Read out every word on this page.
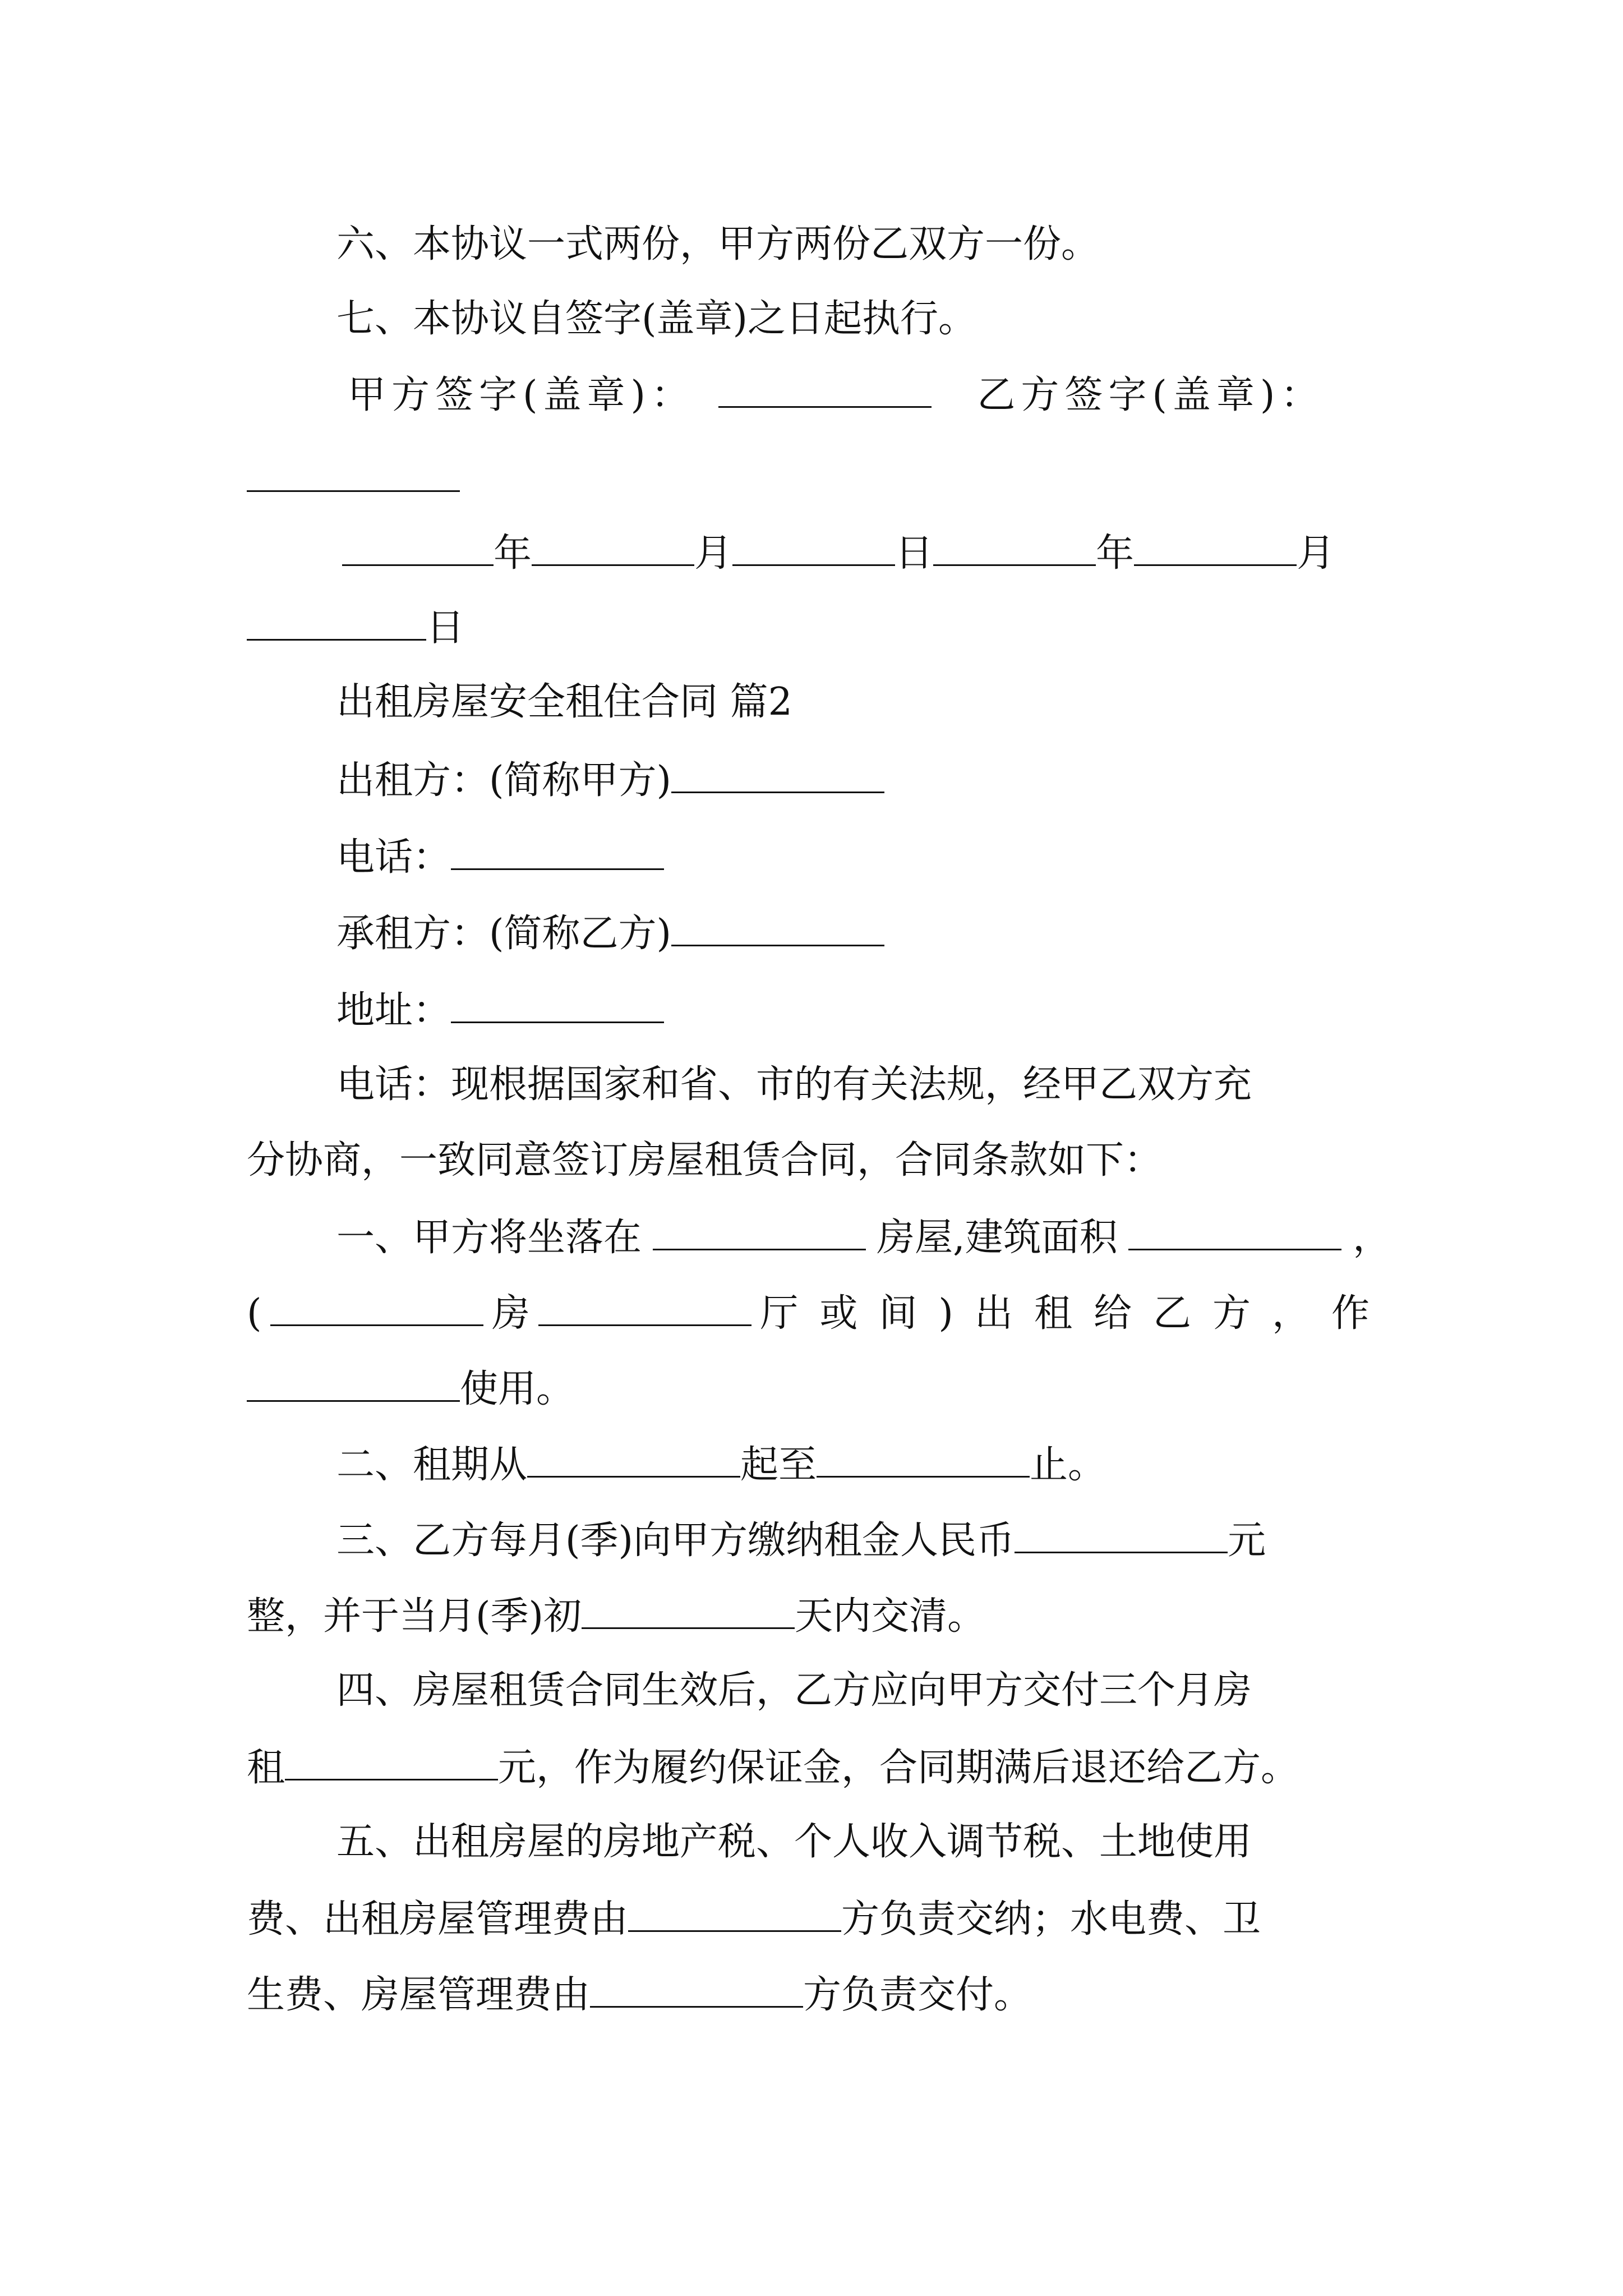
六、本协议一式两份，甲方两份乙双方一份。
七、本协议自签字(盖章)之日起执行。
甲方签字(盖章)：	乙方签字(盖章)：
年	月	日	年	月
日
出租房屋安全租住合同 篇2
出租方：(简称甲方)
电话：
承租方：(简称乙方)
地址：
电话：现根据国家和省、市的有关法规，经甲乙双方充
分协商，一致同意签订房屋租赁合同，合同条款如下：
一、甲方将坐落在	房屋,建筑面积	，
(	房	厅或间)出租给乙方，作
使用。
二、租期从	起至	止。
三、乙方每月(季)向甲方缴纳租金人民币	元
整，并于当月(季)初	天内交清。
四、房屋租赁合同生效后，乙方应向甲方交付三个月房
租	元，作为履约保证金，合同期满后退还给乙方。
五、出租房屋的房地产税、个人收入调节税、土地使用
费、出租房屋管理费由	方负责交纳；水电费、卫
生费、房屋管理费由	方负责交付。
